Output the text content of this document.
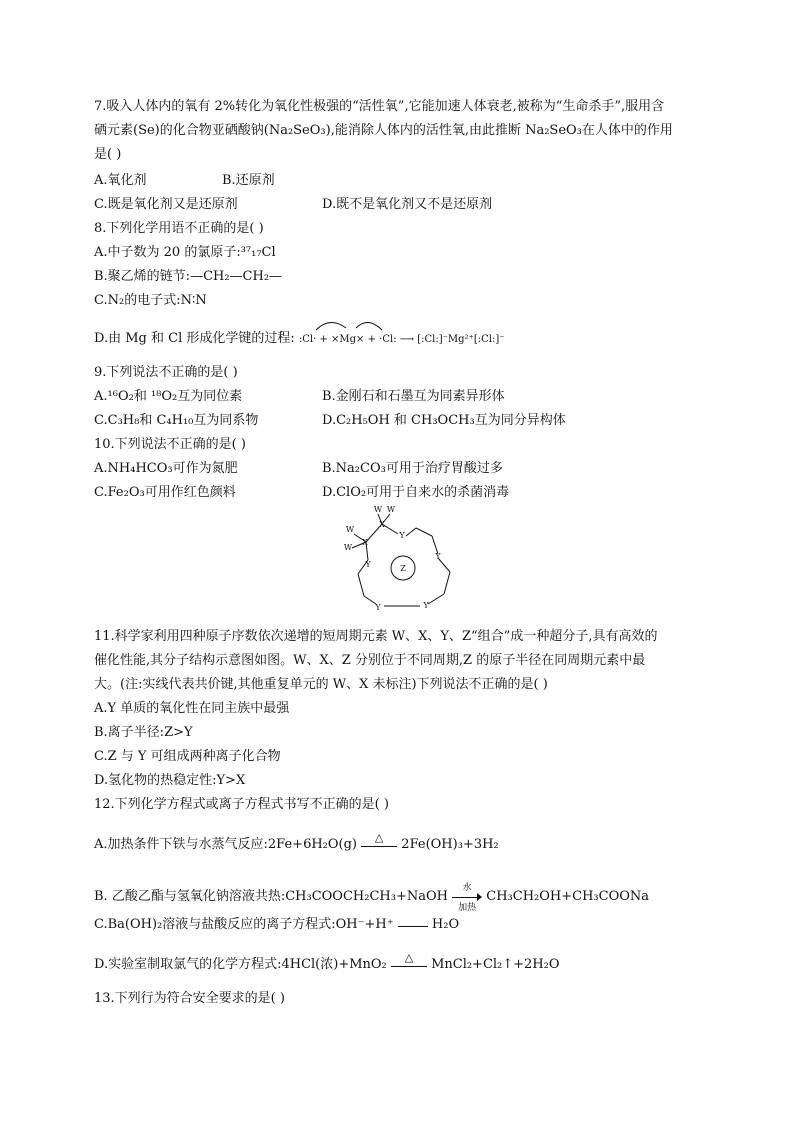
7.吸入人体内的氧有 2%转化为氧化性极强的“活性氧”,它能加速人体衰老,被称为“生命杀手”,服用含
硒元素(Se)的化合物亚硒酸钠(Na₂SeO₃),能消除人体内的活性氧,由此推断 Na₂SeO₃在人体中的作用
是( )
A.氧化剂	B.还原剂
C.既是氧化剂又是还原剂	D.既不是氧化剂又不是还原剂
8.下列化学用语不正确的是( )
A.中子数为 20 的氯原子:³⁷₁₇Cl
B.聚乙烯的链节:—CH₂—CH₂—
C.N₂的电子式:N∶N
D.由 Mg 和 Cl 形成化学键的过程: :Cl· + ×Mg× + ·Cl: ⟶ [:Cl:]⁻Mg²⁺[:Cl:]⁻
9.下列说法不正确的是( )
A.¹⁶O₂和 ¹⁸O₂互为同位素	B.金刚石和石墨互为同素异形体
C.C₃H₈和 C₄H₁₀互为同系物	D.C₂H₅OH 和 CH₃OCH₃互为同分异构体
10.下列说法不正确的是( )
A.NH₄HCO₃可作为氮肥	B.Na₂CO₃可用于治疗胃酸过多
C.Fe₂O₃可用作红色颜料	D.ClO₂可用于自来水的杀菌消毒
W W
X
W
W
X
Y
Y
Y
Y	Y
Z
11.科学家利用四种原子序数依次递增的短周期元素 W、X、Y、Z“组合”成一种超分子,具有高效的
催化性能,其分子结构示意图如图。W、X、Z 分别位于不同周期,Z 的原子半径在同周期元素中最
大。(注:实线代表共价键,其他重复单元的 W、X 未标注)下列说法不正确的是( )
A.Y 单质的氧化性在同主族中最强
B.离子半径:Z>Y
C.Z 与 Y 可组成两种离子化合物
D.氢化物的热稳定性:Y>X
12.下列化学方程式或离子方程式书写不正确的是( )
A.加热条件下铁与水蒸气反应:2Fe+6H₂O(g)	△	2Fe(OH)₃+3H₂
B. 乙酸乙酯与氢氧化钠溶液共热:CH₃COOCH₂CH₃+NaOH
水
加热
CH₃CH₂OH+CH₃COONa
C.Ba(OH)₂溶液与盐酸反应的离子方程式:OH⁻+H⁺	H₂O
D.实验室制取氯气的化学方程式:4HCl(浓)+MnO₂	△	MnCl₂+Cl₂↑+2H₂O
13.下列行为符合安全要求的是( )
